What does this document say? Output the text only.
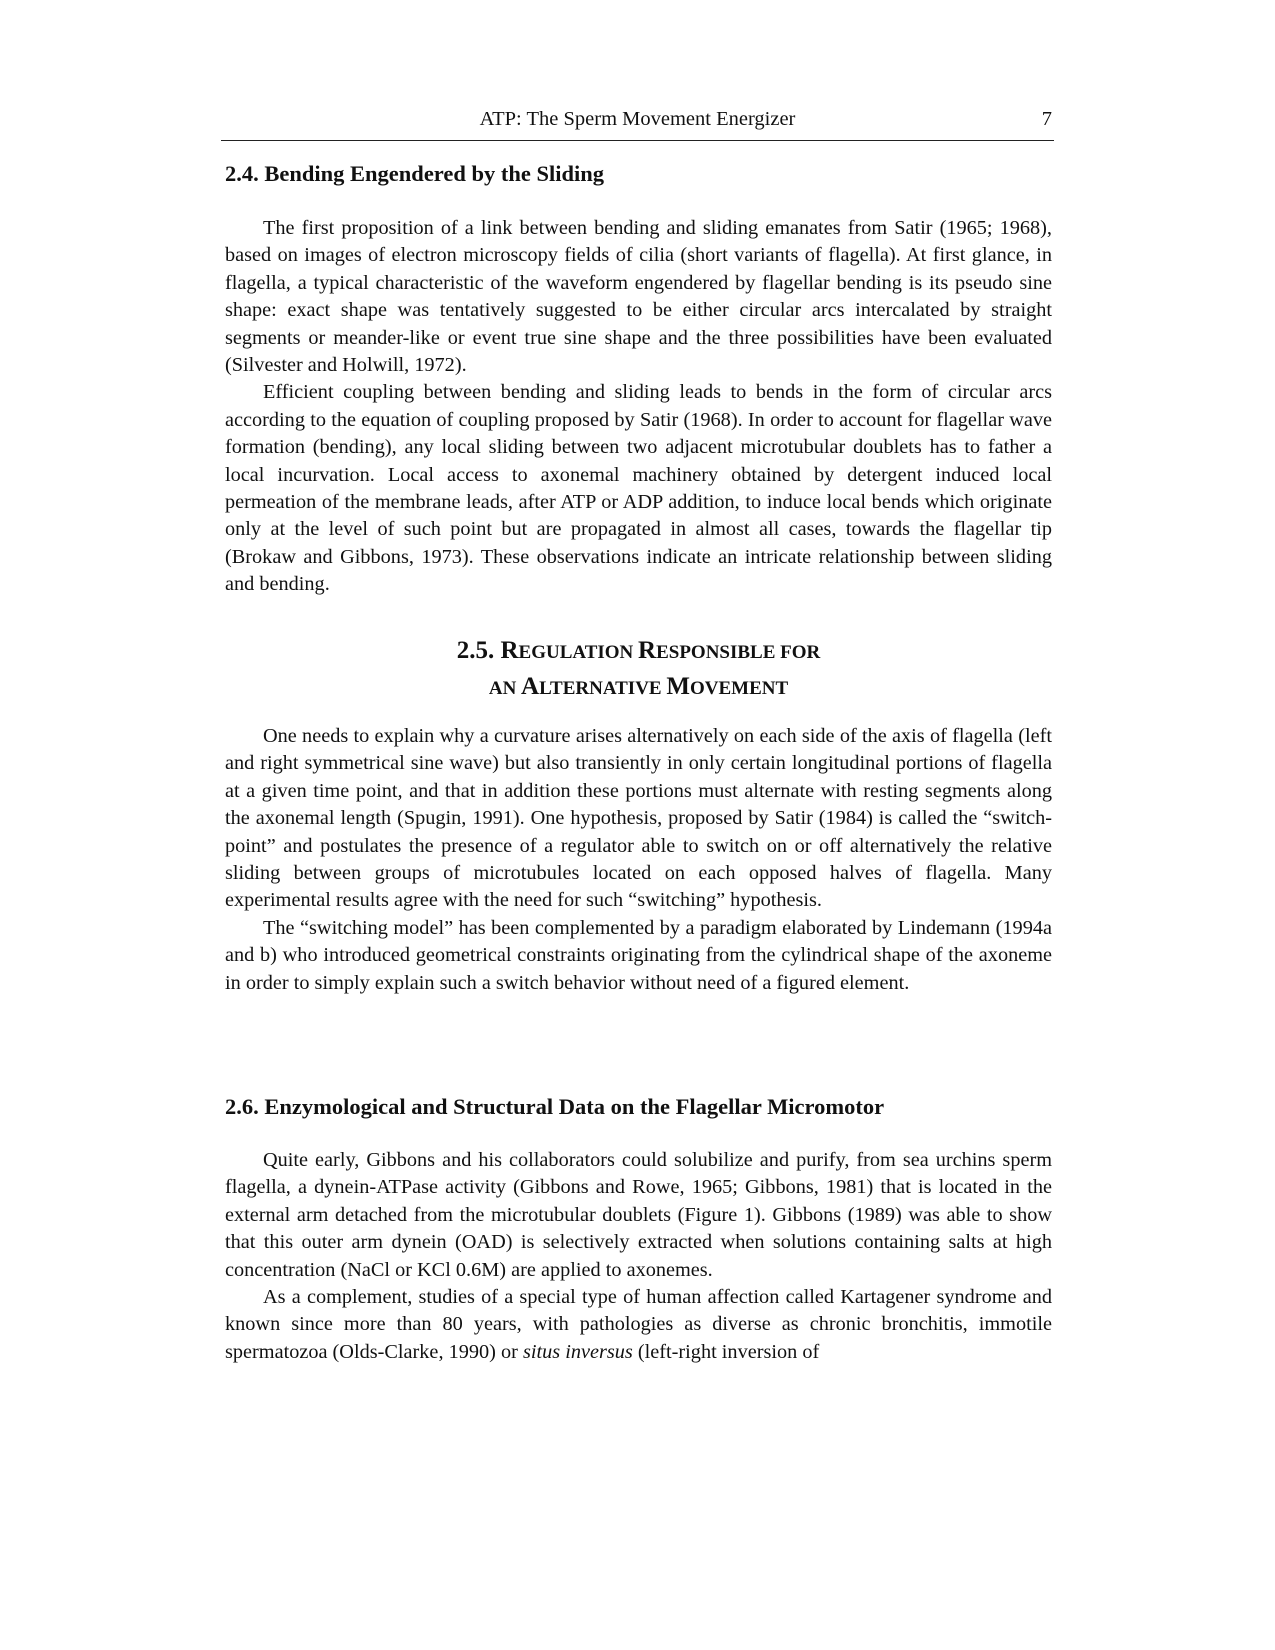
ATP: The Sperm Movement Energizer	7
2.4. Bending Engendered by the Sliding

The first proposition of a link between bending and sliding emanates from Satir (1965; 1968), based on images of electron microscopy fields of cilia (short variants of flagella). At first glance, in flagella, a typical characteristic of the waveform engendered by flagellar bending is its pseudo sine shape: exact shape was tentatively suggested to be either circular arcs intercalated by straight segments or meander-like or event true sine shape and the three possibilities have been evaluated (Silvester and Holwill, 1972).

Efficient coupling between bending and sliding leads to bends in the form of circular arcs according to the equation of coupling proposed by Satir (1968). In order to account for flagellar wave formation (bending), any local sliding between two adjacent microtubular doublets has to father a local incurvation. Local access to axonemal machinery obtained by detergent induced local permeation of the membrane leads, after ATP or ADP addition, to induce local bends which originate only at the level of such point but are propagated in almost all cases, towards the flagellar tip (Brokaw and Gibbons, 1973). These observations indicate an intricate relationship between sliding and bending.

2.5. REGULATION RESPONSIBLE FOR
AN ALTERNATIVE MOVEMENT

One needs to explain why a curvature arises alternatively on each side of the axis of flagella (left and right symmetrical sine wave) but also transiently in only certain longitudinal portions of flagella at a given time point, and that in addition these portions must alternate with resting segments along the axonemal length (Spugin, 1991). One hypothesis, proposed by Satir (1984) is called the “switch-point” and postulates the presence of a regulator able to switch on or off alternatively the relative sliding between groups of microtubules located on each opposed halves of flagella. Many experimental results agree with the need for such “switching” hypothesis.

The “switching model” has been complemented by a paradigm elaborated by Lindemann (1994a and b) who introduced geometrical constraints originating from the cylindrical shape of the axoneme in order to simply explain such a switch behavior without need of a figured element.

2.6. Enzymological and Structural Data on the Flagellar Micromotor

Quite early, Gibbons and his collaborators could solubilize and purify, from sea urchins sperm flagella, a dynein-ATPase activity (Gibbons and Rowe, 1965; Gibbons, 1981) that is located in the external arm detached from the microtubular doublets (Figure 1). Gibbons (1989) was able to show that this outer arm dynein (OAD) is selectively extracted when solutions containing salts at high concentration (NaCl or KCl 0.6M) are applied to axonemes.

As a complement, studies of a special type of human affection called Kartagener syndrome and known since more than 80 years, with pathologies as diverse as chronic bronchitis, immotile spermatozoa (Olds-Clarke, 1990) or situs inversus (left-right inversion of
